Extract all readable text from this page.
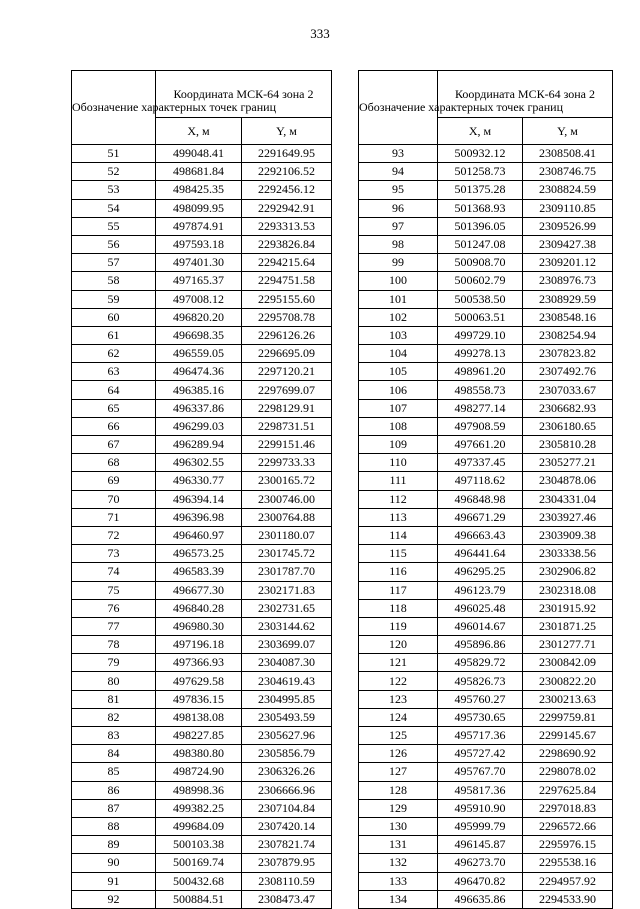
333
Обозначение характерных точек границ	Координата МСК-64 зона 2	
	X, м	Y, м
51	499048.41	2291649.95
52	498681.84	2292106.52
53	498425.35	2292456.12
54	498099.95	2292942.91
55	497874.91	2293313.53
56	497593.18	2293826.84
57	497401.30	2294215.64
58	497165.37	2294751.58
59	497008.12	2295155.60
60	496820.20	2295708.78
61	496698.35	2296126.26
62	496559.05	2296695.09
63	496474.36	2297120.21
64	496385.16	2297699.07
65	496337.86	2298129.91
66	496299.03	2298731.51
67	496289.94	2299151.46
68	496302.55	2299733.33
69	496330.77	2300165.72
70	496394.14	2300746.00
71	496396.98	2300764.88
72	496460.97	2301180.07
73	496573.25	2301745.72
74	496583.39	2301787.70
75	496677.30	2302171.83
76	496840.28	2302731.65
77	496980.30	2303144.62
78	497196.18	2303699.07
79	497366.93	2304087.30
80	497629.58	2304619.43
81	497836.15	2304995.85
82	498138.08	2305493.59
83	498227.85	2305627.96
84	498380.80	2305856.79
85	498724.90	2306326.26
86	498998.36	2306666.96
87	499382.25	2307104.84
88	499684.09	2307420.14
89	500103.38	2307821.74
90	500169.74	2307879.95
91	500432.68	2308110.59
92	500884.51	2308473.47
Обозначение характерных точек границ	Координата МСК-64 зона 2	
	X, м	Y, м
93	500932.12	2308508.41
94	501258.73	2308746.75
95	501375.28	2308824.59
96	501368.93	2309110.85
97	501396.05	2309526.99
98	501247.08	2309427.38
99	500908.70	2309201.12
100	500602.79	2308976.73
101	500538.50	2308929.59
102	500063.51	2308548.16
103	499729.10	2308254.94
104	499278.13	2307823.82
105	498961.20	2307492.76
106	498558.73	2307033.67
107	498277.14	2306682.93
108	497908.59	2306180.65
109	497661.20	2305810.28
110	497337.45	2305277.21
111	497118.62	2304878.06
112	496848.98	2304331.04
113	496671.29	2303927.46
114	496663.43	2303909.38
115	496441.64	2303338.56
116	496295.25	2302906.82
117	496123.79	2302318.08
118	496025.48	2301915.92
119	496014.67	2301871.25
120	495896.86	2301277.71
121	495829.72	2300842.09
122	495826.73	2300822.20
123	495760.27	2300213.63
124	495730.65	2299759.81
125	495717.36	2299145.67
126	495727.42	2298690.92
127	495767.70	2298078.02
128	495817.36	2297625.84
129	495910.90	2297018.83
130	495999.79	2296572.66
131	496145.87	2295976.15
132	496273.70	2295538.16
133	496470.82	2294957.92
134	496635.86	2294533.90
